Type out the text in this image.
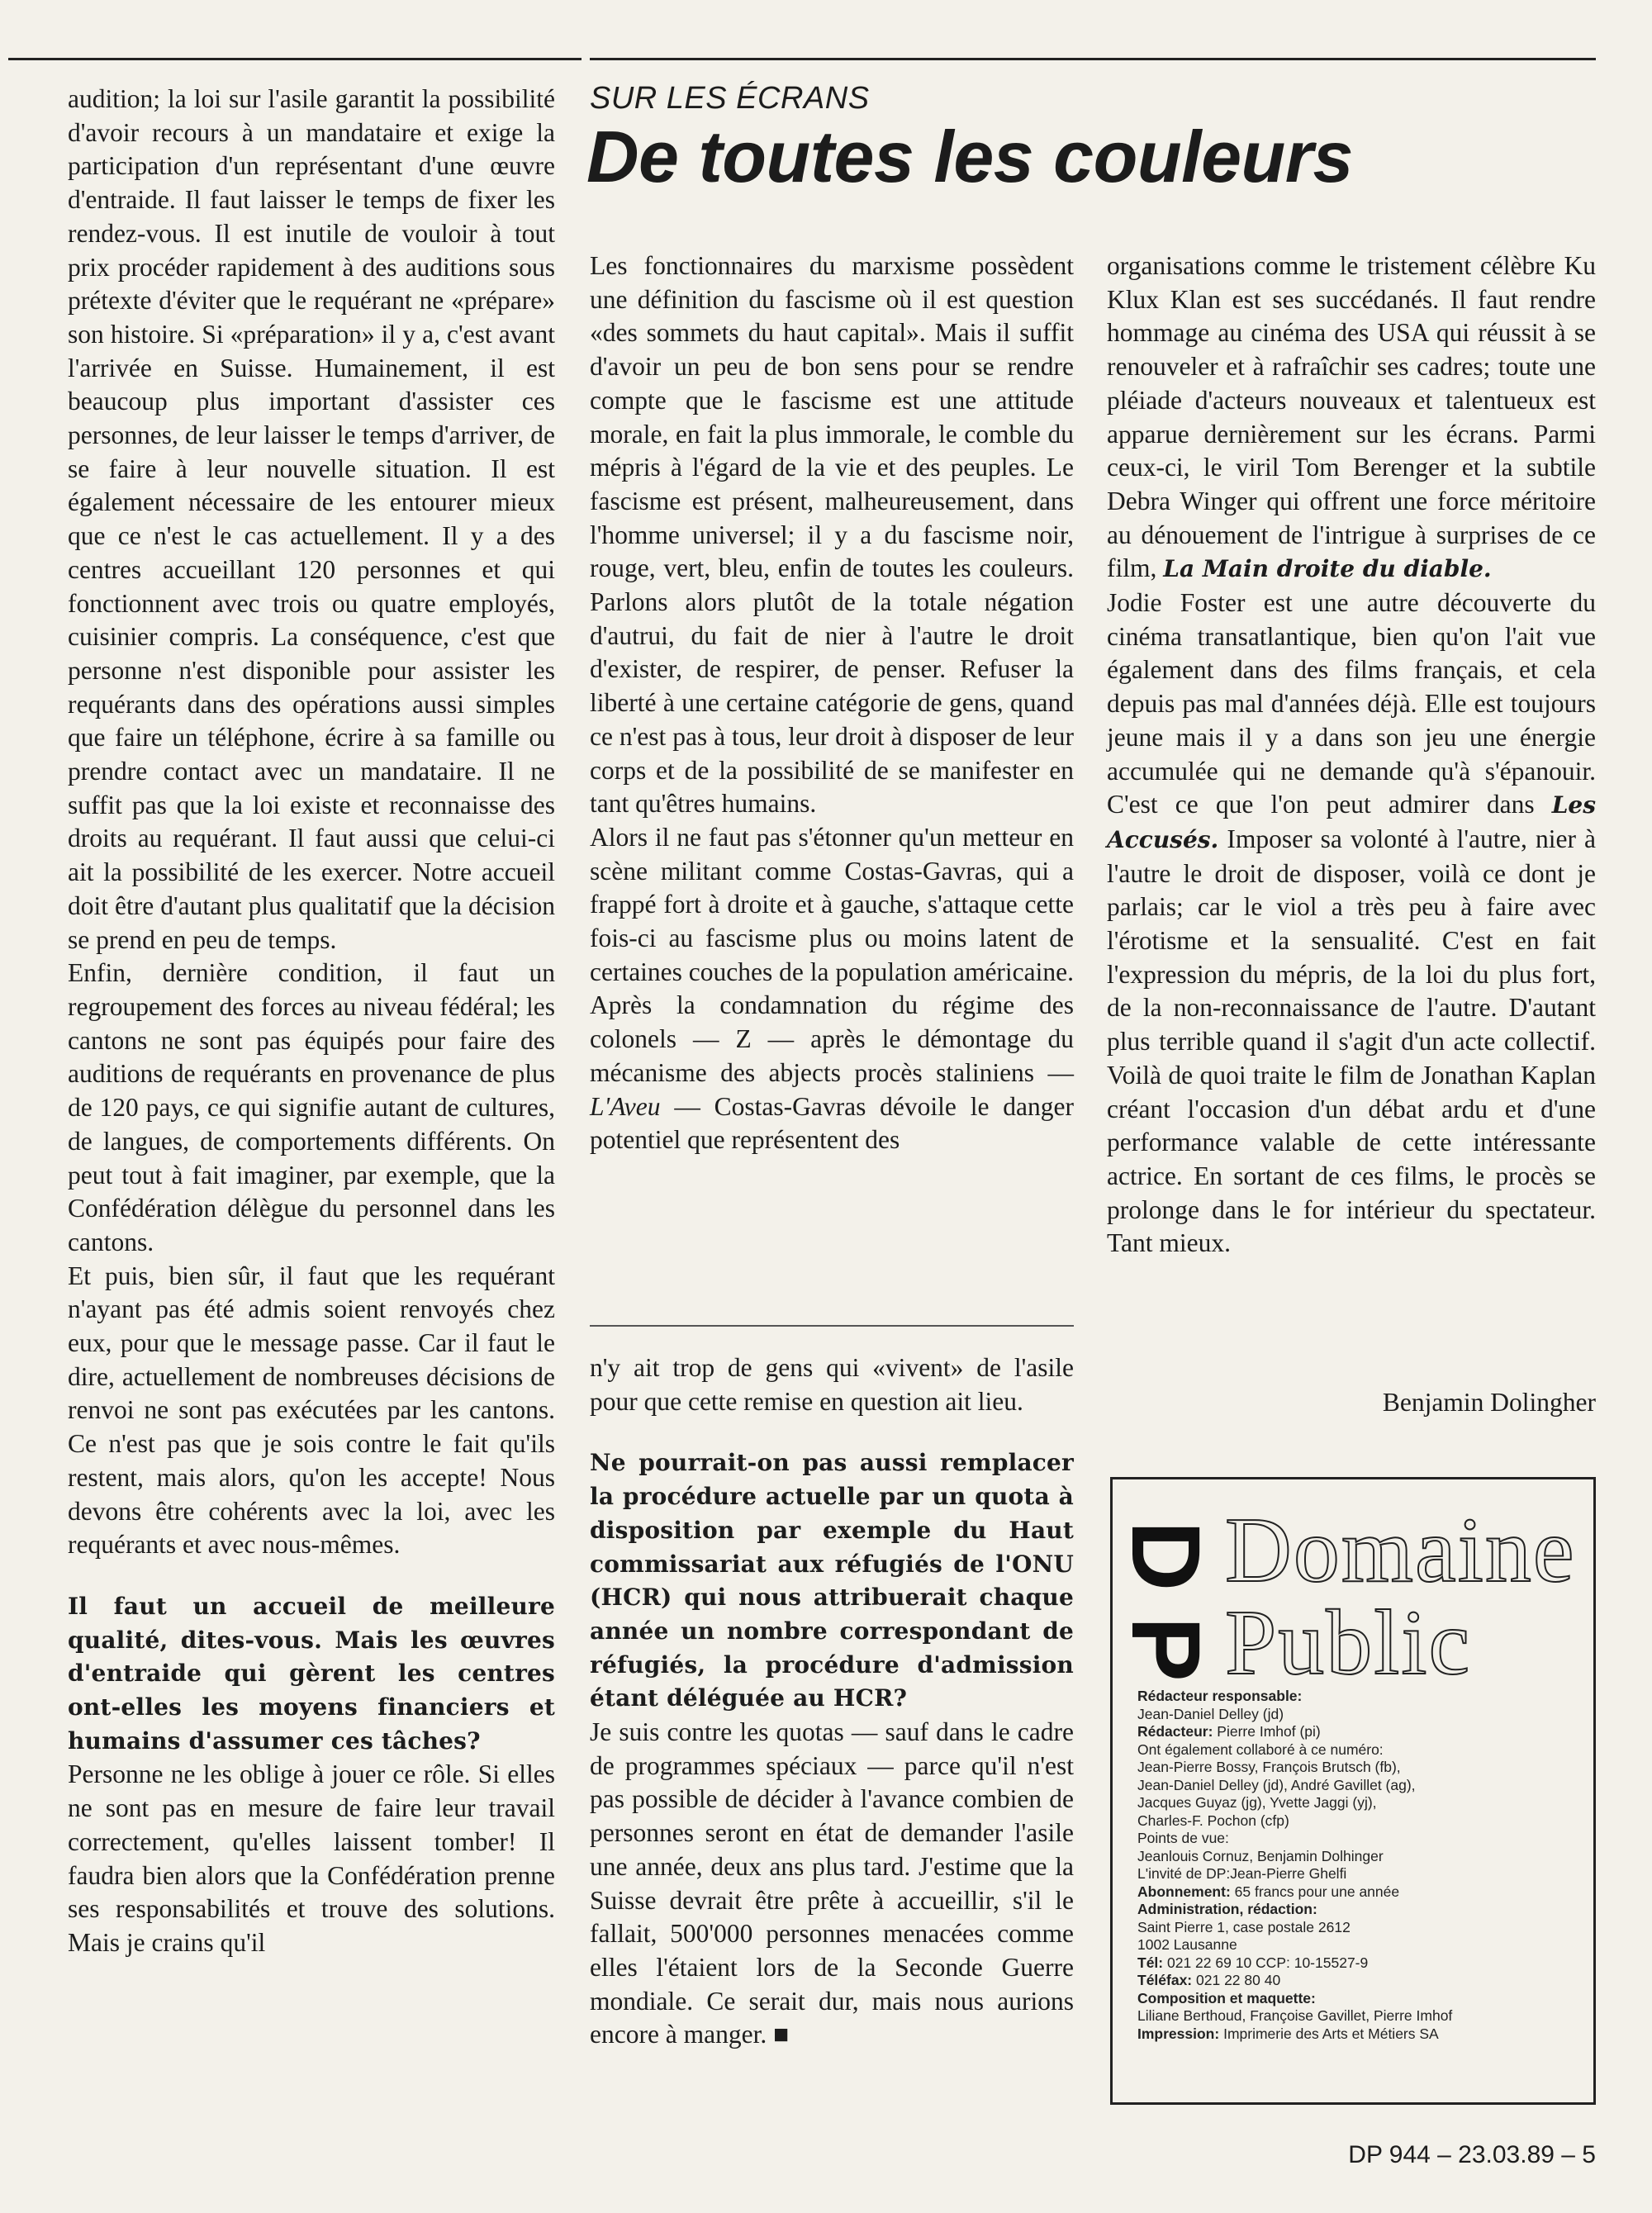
audition; la loi sur l'asile garantit la possibilité d'avoir recours à un mandataire et exige la participation d'un représentant d'une œuvre d'entraide. Il faut laisser le temps de fixer les rendez-vous. Il est inutile de vouloir à tout prix procéder rapidement à des auditions sous prétexte d'éviter que le requérant ne «prépare» son histoire. Si «préparation» il y a, c'est avant l'arrivée en Suisse. Humainement, il est beaucoup plus important d'assister ces personnes, de leur laisser le temps d'arriver, de se faire à leur nouvelle situation. Il est également nécessaire de les entourer mieux que ce n'est le cas actuellement. Il y a des centres accueillant 120 personnes et qui fonctionnent avec trois ou quatre employés, cuisinier compris. La conséquence, c'est que personne n'est disponible pour assister les requérants dans des opérations aussi simples que faire un téléphone, écrire à sa famille ou prendre contact avec un mandataire. Il ne suffit pas que la loi existe et reconnaisse des droits au requérant. Il faut aussi que celui-ci ait la possibilité de les exercer. Notre accueil doit être d'autant plus qualitatif que la décision se prend en peu de temps.

Enfin, dernière condition, il faut un regroupement des forces au niveau fédéral; les cantons ne sont pas équipés pour faire des auditions de requérants en provenance de plus de 120 pays, ce qui signifie autant de cultures, de langues, de comportements différents. On peut tout à fait imaginer, par exemple, que la Confédération délègue du personnel dans les cantons.

Et puis, bien sûr, il faut que les requérant n'ayant pas été admis soient renvoyés chez eux, pour que le message passe. Car il faut le dire, actuellement de nombreuses décisions de renvoi ne sont pas exécutées par les cantons. Ce n'est pas que je sois contre le fait qu'ils restent, mais alors, qu'on les accepte! Nous devons être cohérents avec la loi, avec les requérants et avec nous-mêmes.

Il faut un accueil de meilleure qualité, dites-vous. Mais les œuvres d'entraide qui gèrent les centres ont-elles les moyens financiers et humains d'assumer ces tâches?

Personne ne les oblige à jouer ce rôle. Si elles ne sont pas en mesure de faire leur travail correctement, qu'elles laissent tomber! Il faudra bien alors que la Confédération prenne ses responsabilités et trouve des solutions. Mais je crains qu'il

SUR LES ÉCRANS
De toutes les couleurs

Les fonctionnaires du marxisme possèdent une définition du fascisme où il est question «des sommets du haut capital». Mais il suffit d'avoir un peu de bon sens pour se rendre compte que le fascisme est une attitude morale, en fait la plus immorale, le comble du mépris à l'égard de la vie et des peuples. Le fascisme est présent, malheureusement, dans l'homme universel; il y a du fascisme noir, rouge, vert, bleu, enfin de toutes les couleurs. Parlons alors plutôt de la totale négation d'autrui, du fait de nier à l'autre le droit d'exister, de respirer, de penser. Refuser la liberté à une certaine catégorie de gens, quand ce n'est pas à tous, leur droit à disposer de leur corps et de la possibilité de se manifester en tant qu'êtres humains.

Alors il ne faut pas s'étonner qu'un metteur en scène militant comme Costas-Gavras, qui a frappé fort à droite et à gauche, s'attaque cette fois-ci au fascisme plus ou moins latent de certaines couches de la population américaine. Après la condamnation du régime des colonels — Z — après le démontage du mécanisme des abjects procès staliniens — L'Aveu — Costas-Gavras dévoile le danger potentiel que représentent des

n'y ait trop de gens qui «vivent» de l'asile pour que cette remise en question ait lieu.

Ne pourrait-on pas aussi remplacer la procédure actuelle par un quota à disposition par exemple du Haut commissariat aux réfugiés de l'ONU (HCR) qui nous attribuerait chaque année un nombre correspondant de réfugiés, la procédure d'admission étant déléguée au HCR?

Je suis contre les quotas — sauf dans le cadre de programmes spéciaux — parce qu'il n'est pas possible de décider à l'avance combien de personnes seront en état de demander l'asile une année, deux ans plus tard. J'estime que la Suisse devrait être prête à accueillir, s'il le fallait, 500'000 personnes menacées comme elles l'étaient lors de la Seconde Guerre mondiale. Ce serait dur, mais nous aurions encore à manger. ■

organisations comme le tristement célèbre Ku Klux Klan est ses succédanés. Il faut rendre hommage au cinéma des USA qui réussit à se renouveler et à rafraîchir ses cadres; toute une pléiade d'acteurs nouveaux et talentueux est apparue dernièrement sur les écrans. Parmi ceux-ci, le viril Tom Berenger et la subtile Debra Winger qui offrent une force méritoire au dénouement de l'intrigue à surprises de ce film, La Main droite du diable.

Jodie Foster est une autre découverte du cinéma transatlantique, bien qu'on l'ait vue également dans des films français, et cela depuis pas mal d'années déjà. Elle est toujours jeune mais il y a dans son jeu une énergie accumulée qui ne demande qu'à s'épanouir. C'est ce que l'on peut admirer dans Les Accusés. Imposer sa volonté à l'autre, nier à l'autre le droit de disposer, voilà ce dont je parlais; car le viol a très peu à faire avec l'érotisme et la sensualité. C'est en fait l'expression du mépris, de la loi du plus fort, de la non-reconnaissance de l'autre. D'autant plus terrible quand il s'agit d'un acte collectif. Voilà de quoi traite le film de Jonathan Kaplan créant l'occasion d'un débat ardu et d'une performance valable de cette intéressante actrice. En sortant de ces films, le procès se prolonge dans le for intérieur du spectateur. Tant mieux.

Benjamin Dolingher
D
P
Domaine
Public

Rédacteur responsable:

Jean-Daniel Delley (jd)

Rédacteur: Pierre Imhof (pi)

Ont également collaboré à ce numéro:

Jean-Pierre Bossy, François Brutsch (fb),

Jean-Daniel Delley (jd), André Gavillet (ag),

Jacques Guyaz (jg), Yvette Jaggi (yj),

Charles-F. Pochon (cfp)

Points de vue:

Jeanlouis Cornuz, Benjamin Dolhinger

L'invité de DP:Jean-Pierre Ghelfi

Abonnement: 65 francs pour une année

Administration, rédaction:

Saint Pierre 1, case postale 2612

1002 Lausanne

Tél: 021 22 69 10 CCP: 10-15527-9

Téléfax: 021 22 80 40

Composition et maquette:

Liliane Berthoud, Françoise Gavillet, Pierre Imhof

Impression: Imprimerie des Arts et Métiers SA

DP 944 – 23.03.89 – 5
